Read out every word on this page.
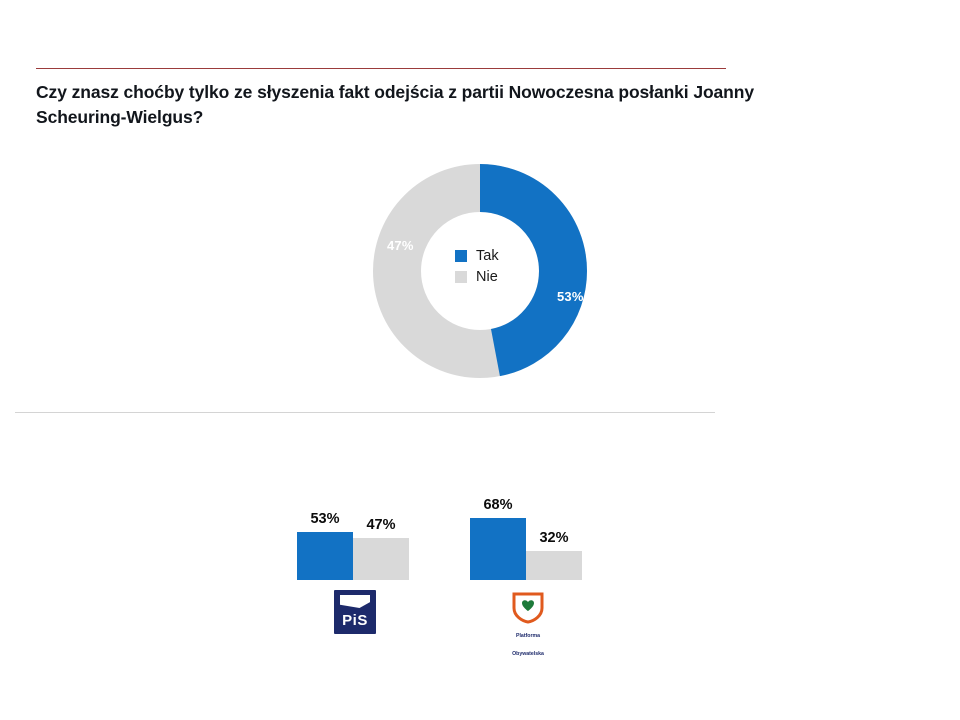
Czy znasz choćby tylko ze słyszenia fakt odejścia z partii Nowoczesna posłanki Joanny Scheuring-Wielgus?
47%
53%
Tak
Nie
53% 47%
68%
32%
PiS
Platforma Obywatelska
